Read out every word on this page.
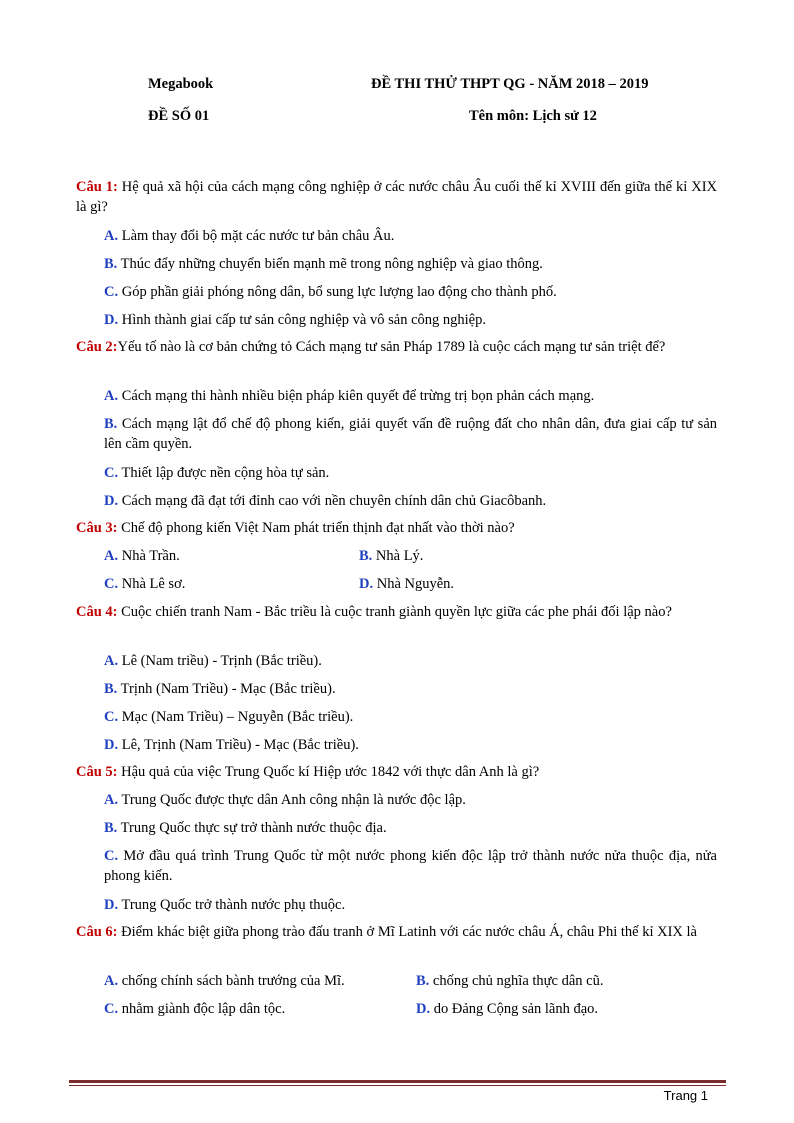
Megabook	ĐỀ THI THỬ THPT QG - NĂM 2018 – 2019
ĐỀ SỐ 01	Tên môn: Lịch sử 12
Câu 1: Hệ quả xã hội của cách mạng công nghiệp ở các nước châu Âu cuối thế kỉ XVIII đến giữa thế kỉ XIX là gì?
A. Làm thay đổi bộ mặt các nước tư bản châu Âu.
B. Thúc đẩy những chuyển biến mạnh mẽ trong nông nghiệp và giao thông.
C. Góp phần giải phóng nông dân, bổ sung lực lượng lao động cho thành phố.
D. Hình thành giai cấp tư sản công nghiệp và vô sản công nghiệp.
Câu 2:Yếu tố nào là cơ bản chứng tỏ Cách mạng tư sản Pháp 1789 là cuộc cách mạng tư sản triệt để?
A. Cách mạng thi hành nhiều biện pháp kiên quyết để trừng trị bọn phản cách mạng.
B. Cách mạng lật đổ chế độ phong kiến, giải quyết vấn đề ruộng đất cho nhân dân, đưa giai cấp tư sản lên cầm quyền.
C. Thiết lập được nền cộng hòa tự sản.
D. Cách mạng đã đạt tới đỉnh cao với nền chuyên chính dân chủ Giacôbanh.
Câu 3: Chế độ phong kiến Việt Nam phát triển thịnh đạt nhất vào thời nào?
A. Nhà Trần.	B. Nhà Lý.
C. Nhà Lê sơ.	D. Nhà Nguyễn.
Câu 4: Cuộc chiến tranh Nam - Bắc triều là cuộc tranh giành quyền lực giữa các phe phái đối lập nào?
A. Lê (Nam triều) - Trịnh (Bắc triều).
B. Trịnh (Nam Triều) - Mạc (Bắc triều).
C. Mạc (Nam Triều) – Nguyễn (Bắc triều).
D. Lê, Trịnh (Nam Triều) - Mạc (Bắc triều).
Câu 5: Hậu quả của việc Trung Quốc kí Hiệp ước 1842 với thực dân Anh là gì?
A. Trung Quốc được thực dân Anh công nhận là nước độc lập.
B. Trung Quốc thực sự trở thành nước thuộc địa.
C. Mở đầu quá trình Trung Quốc từ một nước phong kiến độc lập trở thành nước nửa thuộc địa, nửa phong kiến.
D. Trung Quốc trở thành nước phụ thuộc.
Câu 6: Điểm khác biệt giữa phong trào đấu tranh ở Mĩ Latinh với các nước châu Á, châu Phi thế kỉ XIX là
A. chống chính sách bành trướng của Mĩ.	B. chống chủ nghĩa thực dân cũ.
C. nhằm giành độc lập dân tộc.	D. do Đảng Cộng sản lãnh đạo.
Trang 1
